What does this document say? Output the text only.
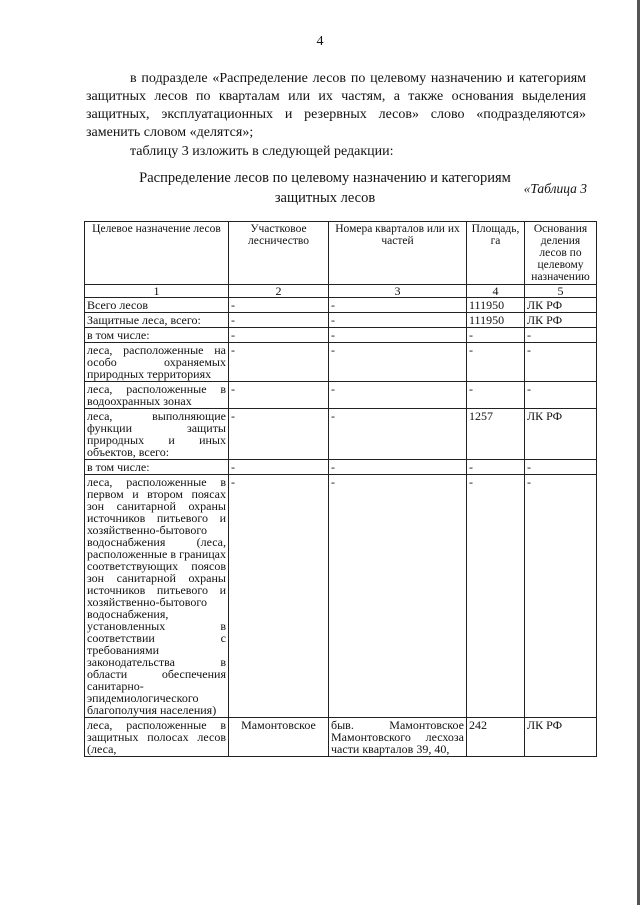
4
в подразделе «Распределение лесов по целевому назначению и категориям защитных лесов по кварталам или их частям, а также основания выделения защитных, эксплуатационных и резервных лесов» слово «подразделяются» заменить словом «делятся»;
таблицу 3 изложить в следующей редакции:
Распределение лесов по целевому назначению и категориям защитных лесов
«Таблица 3
Целевое назначение лесов	Участковое лесничество	Номера кварталов или их частей	Площадь, га	Основания деления лесов по целевому назначению
1	2	3	4	5
Всего лесов	-	-	111950	ЛК РФ
Защитные леса, всего:	-	-	111950	ЛК РФ
в том числе:	-	-	-	-
леса, расположенные на особо охраняемых природных территориях	-	-	-	-
леса, расположенные в водоохранных зонах	-	-	-	-
леса, выполняющие функции защиты природных и иных объектов, всего:	-	-	1257	ЛК РФ
в том числе:	-	-	-	-
леса, расположенные в первом и втором поясах зон санитарной охраны источников питьевого и хозяйственно-бытового водоснабжения (леса, расположенные в границах соответствующих поясов зон санитарной охраны источников питьевого и хозяйственно-бытового водоснабжения, установленных в соответствии с требованиями законодательства в области обеспечения санитарно-эпидемиологического благополучия населения)	-	-	-	-
леса, расположенные в защитных полосах лесов (леса,	Мамонтовское	быв. Мамонтовское Мамонтовского лесхоза части кварталов 39, 40,	242	ЛК РФ
